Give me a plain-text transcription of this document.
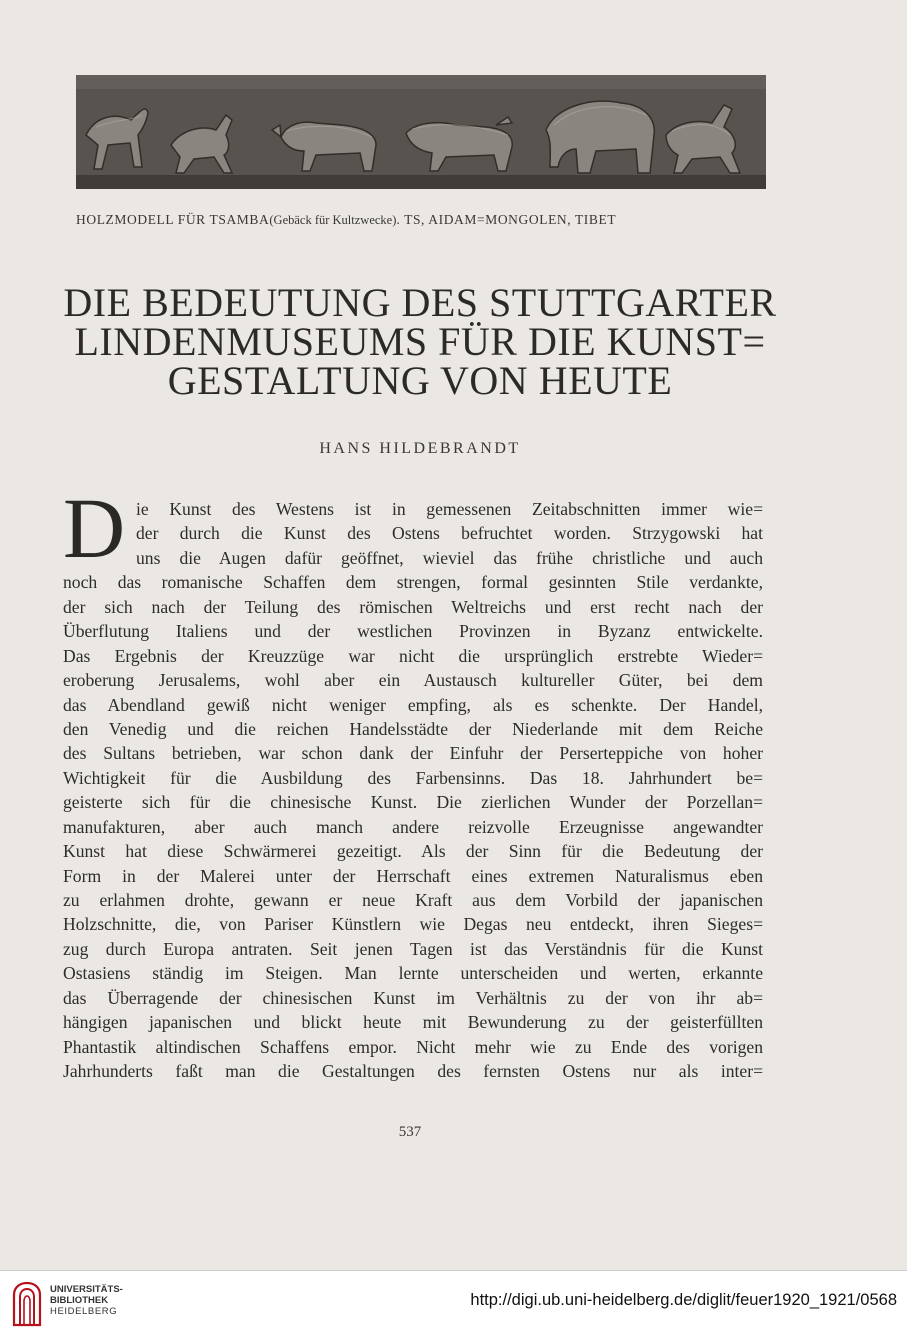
HOLZMODELL FÜR TSAMBA(Gebäck für Kultzwecke). TS, AIDAM=MONGOLEN, TIBET
DIE BEDEUTUNG DES STUTTGARTER
LINDENMUSEUMS FÜR DIE KUNST=
GESTALTUNG VON HEUTE
HANS HILDEBRANDT
D ie Kunst des Westens ist in gemessenen Zeitabschnitten immer wie=
der durch die Kunst des Ostens befruchtet worden. Strzygowski hat
uns die Augen dafür geöffnet, wieviel das frühe christliche und auch
noch das romanische Schaffen dem strengen, formal gesinnten Stile verdankte,
der sich nach der Teilung des römischen Weltreichs und erst recht nach der
Überflutung Italiens und der westlichen Provinzen in Byzanz entwickelte.
Das Ergebnis der Kreuzzüge war nicht die ursprünglich erstrebte Wieder=
eroberung Jerusalems, wohl aber ein Austausch kultureller Güter, bei dem
das Abendland gewiß nicht weniger empfing, als es schenkte. Der Handel,
den Venedig und die reichen Handelsstädte der Niederlande mit dem Reiche
des Sultans betrieben, war schon dank der Einfuhr der Perserteppiche von hoher
Wichtigkeit für die Ausbildung des Farbensinns. Das 18. Jahrhundert be=
geisterte sich für die chinesische Kunst. Die zierlichen Wunder der Porzellan=
manufakturen, aber auch manch andere reizvolle Erzeugnisse angewandter
Kunst hat diese Schwärmerei gezeitigt. Als der Sinn für die Bedeutung der
Form in der Malerei unter der Herrschaft eines extremen Naturalismus eben
zu erlahmen drohte, gewann er neue Kraft aus dem Vorbild der japanischen
Holzschnitte, die, von Pariser Künstlern wie Degas neu entdeckt, ihren Sieges=
zug durch Europa antraten. Seit jenen Tagen ist das Verständnis für die Kunst
Ostasiens ständig im Steigen. Man lernte unterscheiden und werten, erkannte
das Überragende der chinesischen Kunst im Verhältnis zu der von ihr ab=
hängigen japanischen und blickt heute mit Bewunderung zu der geisterfüllten
Phantastik altindischen Schaffens empor. Nicht mehr wie zu Ende des vorigen
Jahrhunderts faßt man die Gestaltungen des fernsten Ostens nur als inter=
537
UNIVERSITÄTS-
BIBLIOTHEK
HEIDELBERG
http://digi.ub.uni-heidelberg.de/diglit/feuer1920_1921/0568
